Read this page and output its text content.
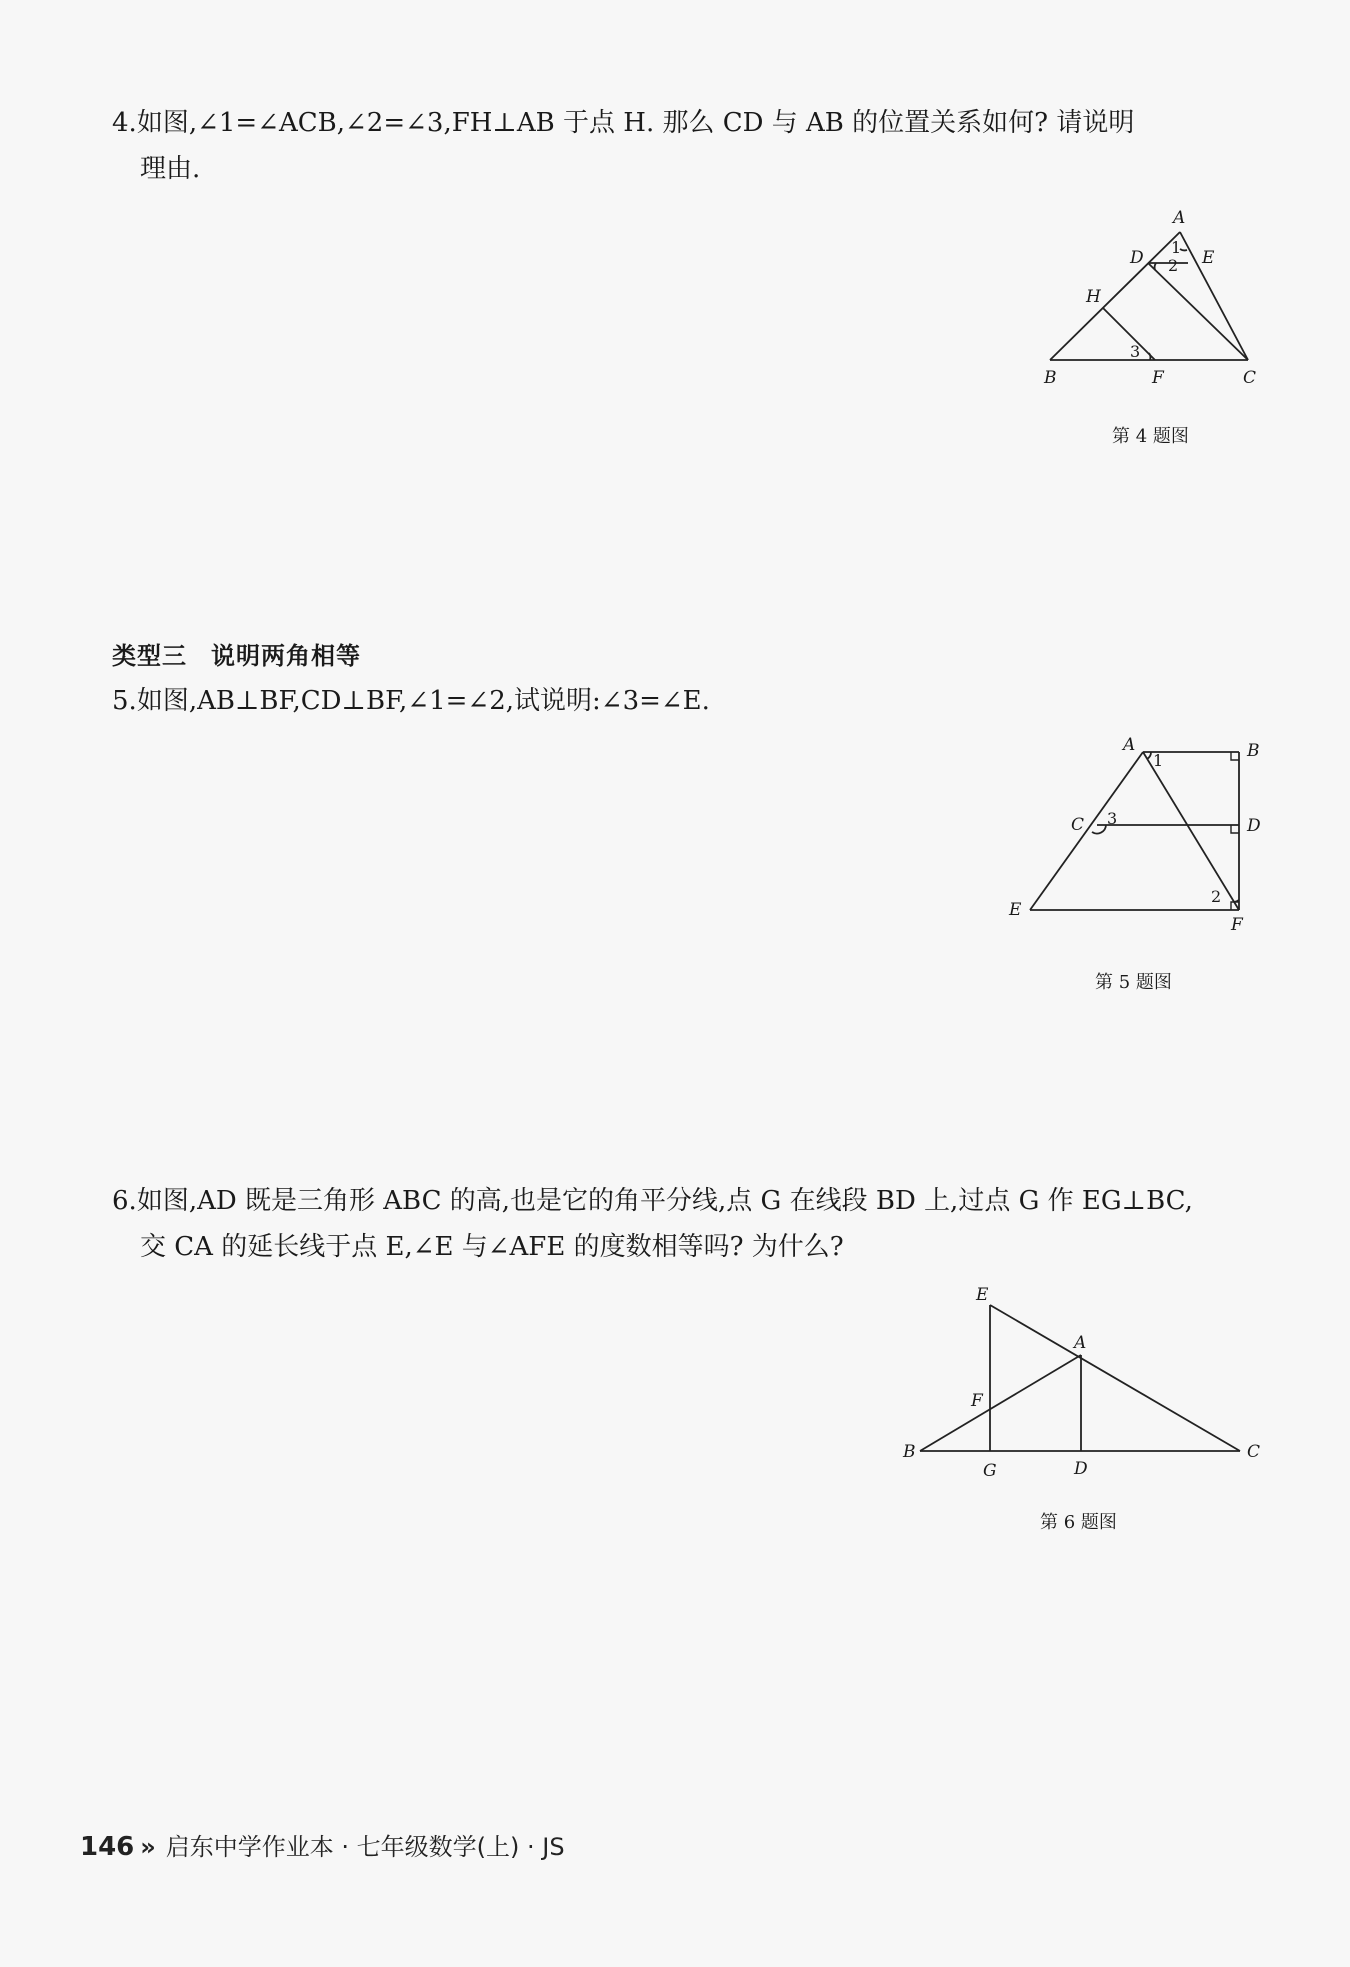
4.如图,∠1=∠ACB,∠2=∠3,FH⊥AB 于点 H. 那么 CD 与 AB 的位置关系如何? 请说明
理由.
A
B	C
D	E
F
H
1
2
3
第 4 题图
类型三 说明两角相等
5.如图,AB⊥BF,CD⊥BF,∠1=∠2,试说明:∠3=∠E.
A	B
C	D
E
F
1
2
3
第 5 题图
6.如图,AD 既是三角形 ABC 的高,也是它的角平分线,点 G 在线段 BD 上,过点 G 作 EG⊥BC,
交 CA 的延长线于点 E,∠E 与∠AFE 的度数相等吗? 为什么?
E
A
F
B
G	D
C
第 6 题图
146 » 启东中学作业本 · 七年级数学(上) · JS
